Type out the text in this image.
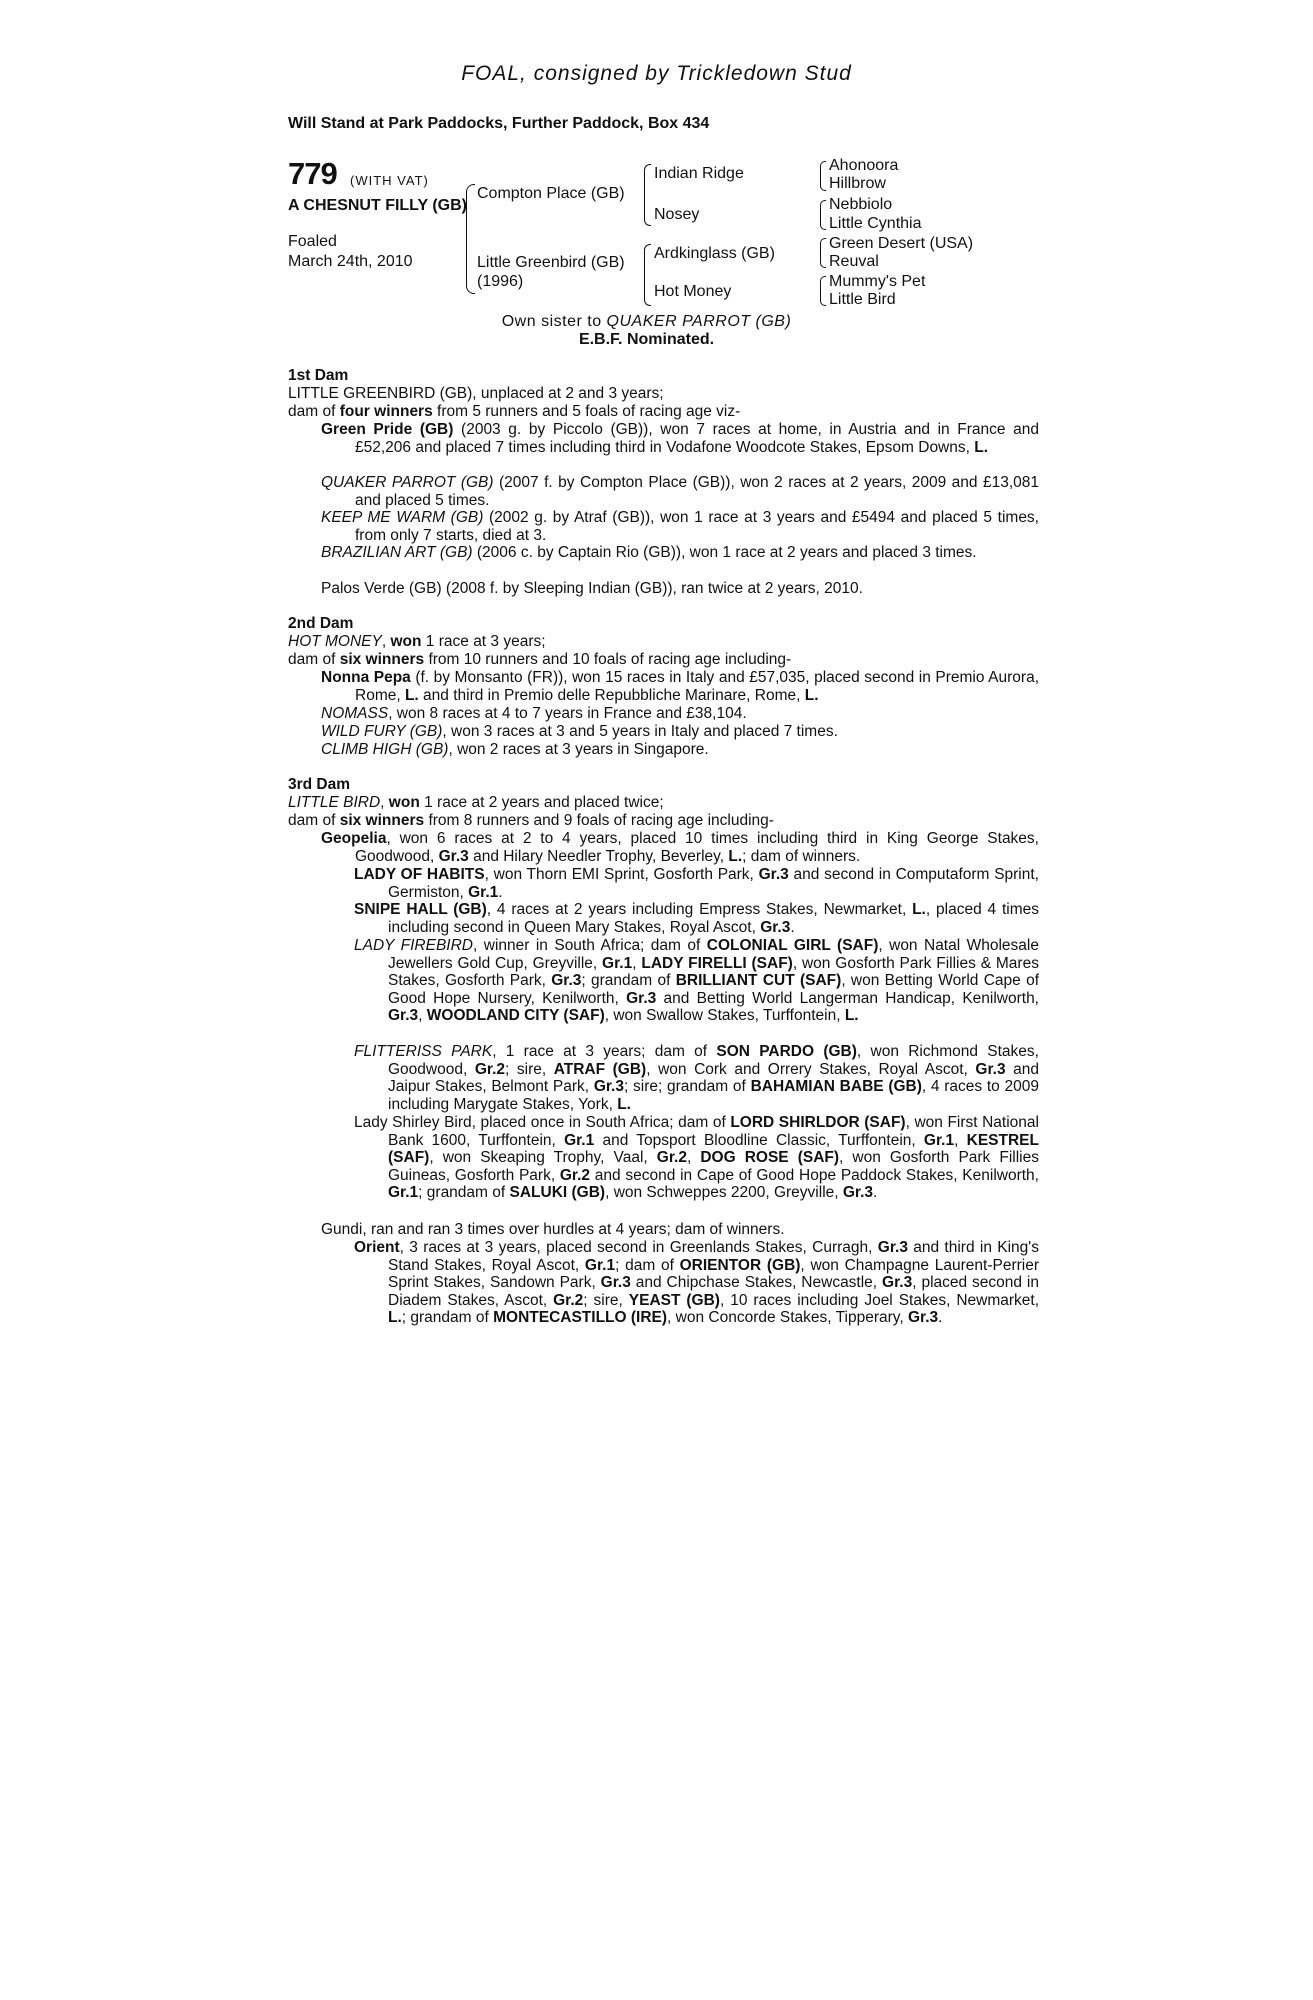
FOAL, consigned by Trickledown Stud
Will Stand at Park Paddocks, Further Paddock, Box 434
779 (WITH VAT)
A CHESNUT FILLY (GB)
Foaled
March 24th, 2010
Compton Place (GB)
Little Greenbird (GB)
(1996)
Indian Ridge
Nosey
Ardkinglass (GB)
Hot Money
Ahonoora
Hillbrow
Nebbiolo
Little Cynthia
Green Desert (USA)
Reuval
Mummy's Pet
Little Bird
Own sister to QUAKER PARROT (GB)
E.B.F. Nominated.
1st Dam
LITTLE GREENBIRD (GB), unplaced at 2 and 3 years;
dam of four winners from 5 runners and 5 foals of racing age viz-
Green Pride (GB) (2003 g. by Piccolo (GB)), won 7 races at home, in Austria and in France and £52,206 and placed 7 times including third in Vodafone Woodcote Stakes, Epsom Downs, L.
QUAKER PARROT (GB) (2007 f. by Compton Place (GB)), won 2 races at 2 years, 2009 and £13,081 and placed 5 times.
KEEP ME WARM (GB) (2002 g. by Atraf (GB)), won 1 race at 3 years and £5494 and placed 5 times, from only 7 starts, died at 3.
BRAZILIAN ART (GB) (2006 c. by Captain Rio (GB)), won 1 race at 2 years and placed 3 times.
Palos Verde (GB) (2008 f. by Sleeping Indian (GB)), ran twice at 2 years, 2010.
2nd Dam
HOT MONEY, won 1 race at 3 years;
dam of six winners from 10 runners and 10 foals of racing age including-
Nonna Pepa (f. by Monsanto (FR)), won 15 races in Italy and £57,035, placed second in Premio Aurora, Rome, L. and third in Premio delle Repubbliche Marinare, Rome, L.
NOMASS, won 8 races at 4 to 7 years in France and £38,104.
WILD FURY (GB), won 3 races at 3 and 5 years in Italy and placed 7 times.
CLIMB HIGH (GB), won 2 races at 3 years in Singapore.
3rd Dam
LITTLE BIRD, won 1 race at 2 years and placed twice;
dam of six winners from 8 runners and 9 foals of racing age including-
Geopelia, won 6 races at 2 to 4 years, placed 10 times including third in King George Stakes, Goodwood, Gr.3 and Hilary Needler Trophy, Beverley, L.; dam of winners.
LADY OF HABITS, won Thorn EMI Sprint, Gosforth Park, Gr.3 and second in Computaform Sprint, Germiston, Gr.1.
SNIPE HALL (GB), 4 races at 2 years including Empress Stakes, Newmarket, L., placed 4 times including second in Queen Mary Stakes, Royal Ascot, Gr.3.
LADY FIREBIRD, winner in South Africa; dam of COLONIAL GIRL (SAF), won Natal Wholesale Jewellers Gold Cup, Greyville, Gr.1, LADY FIRELLI (SAF), won Gosforth Park Fillies & Mares Stakes, Gosforth Park, Gr.3; grandam of BRILLIANT CUT (SAF), won Betting World Cape of Good Hope Nursery, Kenilworth, Gr.3 and Betting World Langerman Handicap, Kenilworth, Gr.3, WOODLAND CITY (SAF), won Swallow Stakes, Turffontein, L.
FLITTERISS PARK, 1 race at 3 years; dam of SON PARDO (GB), won Richmond Stakes, Goodwood, Gr.2; sire, ATRAF (GB), won Cork and Orrery Stakes, Royal Ascot, Gr.3 and Jaipur Stakes, Belmont Park, Gr.3; sire; grandam of BAHAMIAN BABE (GB), 4 races to 2009 including Marygate Stakes, York, L.
Lady Shirley Bird, placed once in South Africa; dam of LORD SHIRLDOR (SAF), won First National Bank 1600, Turffontein, Gr.1 and Topsport Bloodline Classic, Turffontein, Gr.1, KESTREL (SAF), won Skeaping Trophy, Vaal, Gr.2, DOG ROSE (SAF), won Gosforth Park Fillies Guineas, Gosforth Park, Gr.2 and second in Cape of Good Hope Paddock Stakes, Kenilworth, Gr.1; grandam of SALUKI (GB), won Schweppes 2200, Greyville, Gr.3.
Gundi, ran and ran 3 times over hurdles at 4 years; dam of winners.
Orient, 3 races at 3 years, placed second in Greenlands Stakes, Curragh, Gr.3 and third in King's Stand Stakes, Royal Ascot, Gr.1; dam of ORIENTOR (GB), won Champagne Laurent-Perrier Sprint Stakes, Sandown Park, Gr.3 and Chipchase Stakes, Newcastle, Gr.3, placed second in Diadem Stakes, Ascot, Gr.2; sire, YEAST (GB), 10 races including Joel Stakes, Newmarket, L.; grandam of MONTECASTILLO (IRE), won Concorde Stakes, Tipperary, Gr.3.
